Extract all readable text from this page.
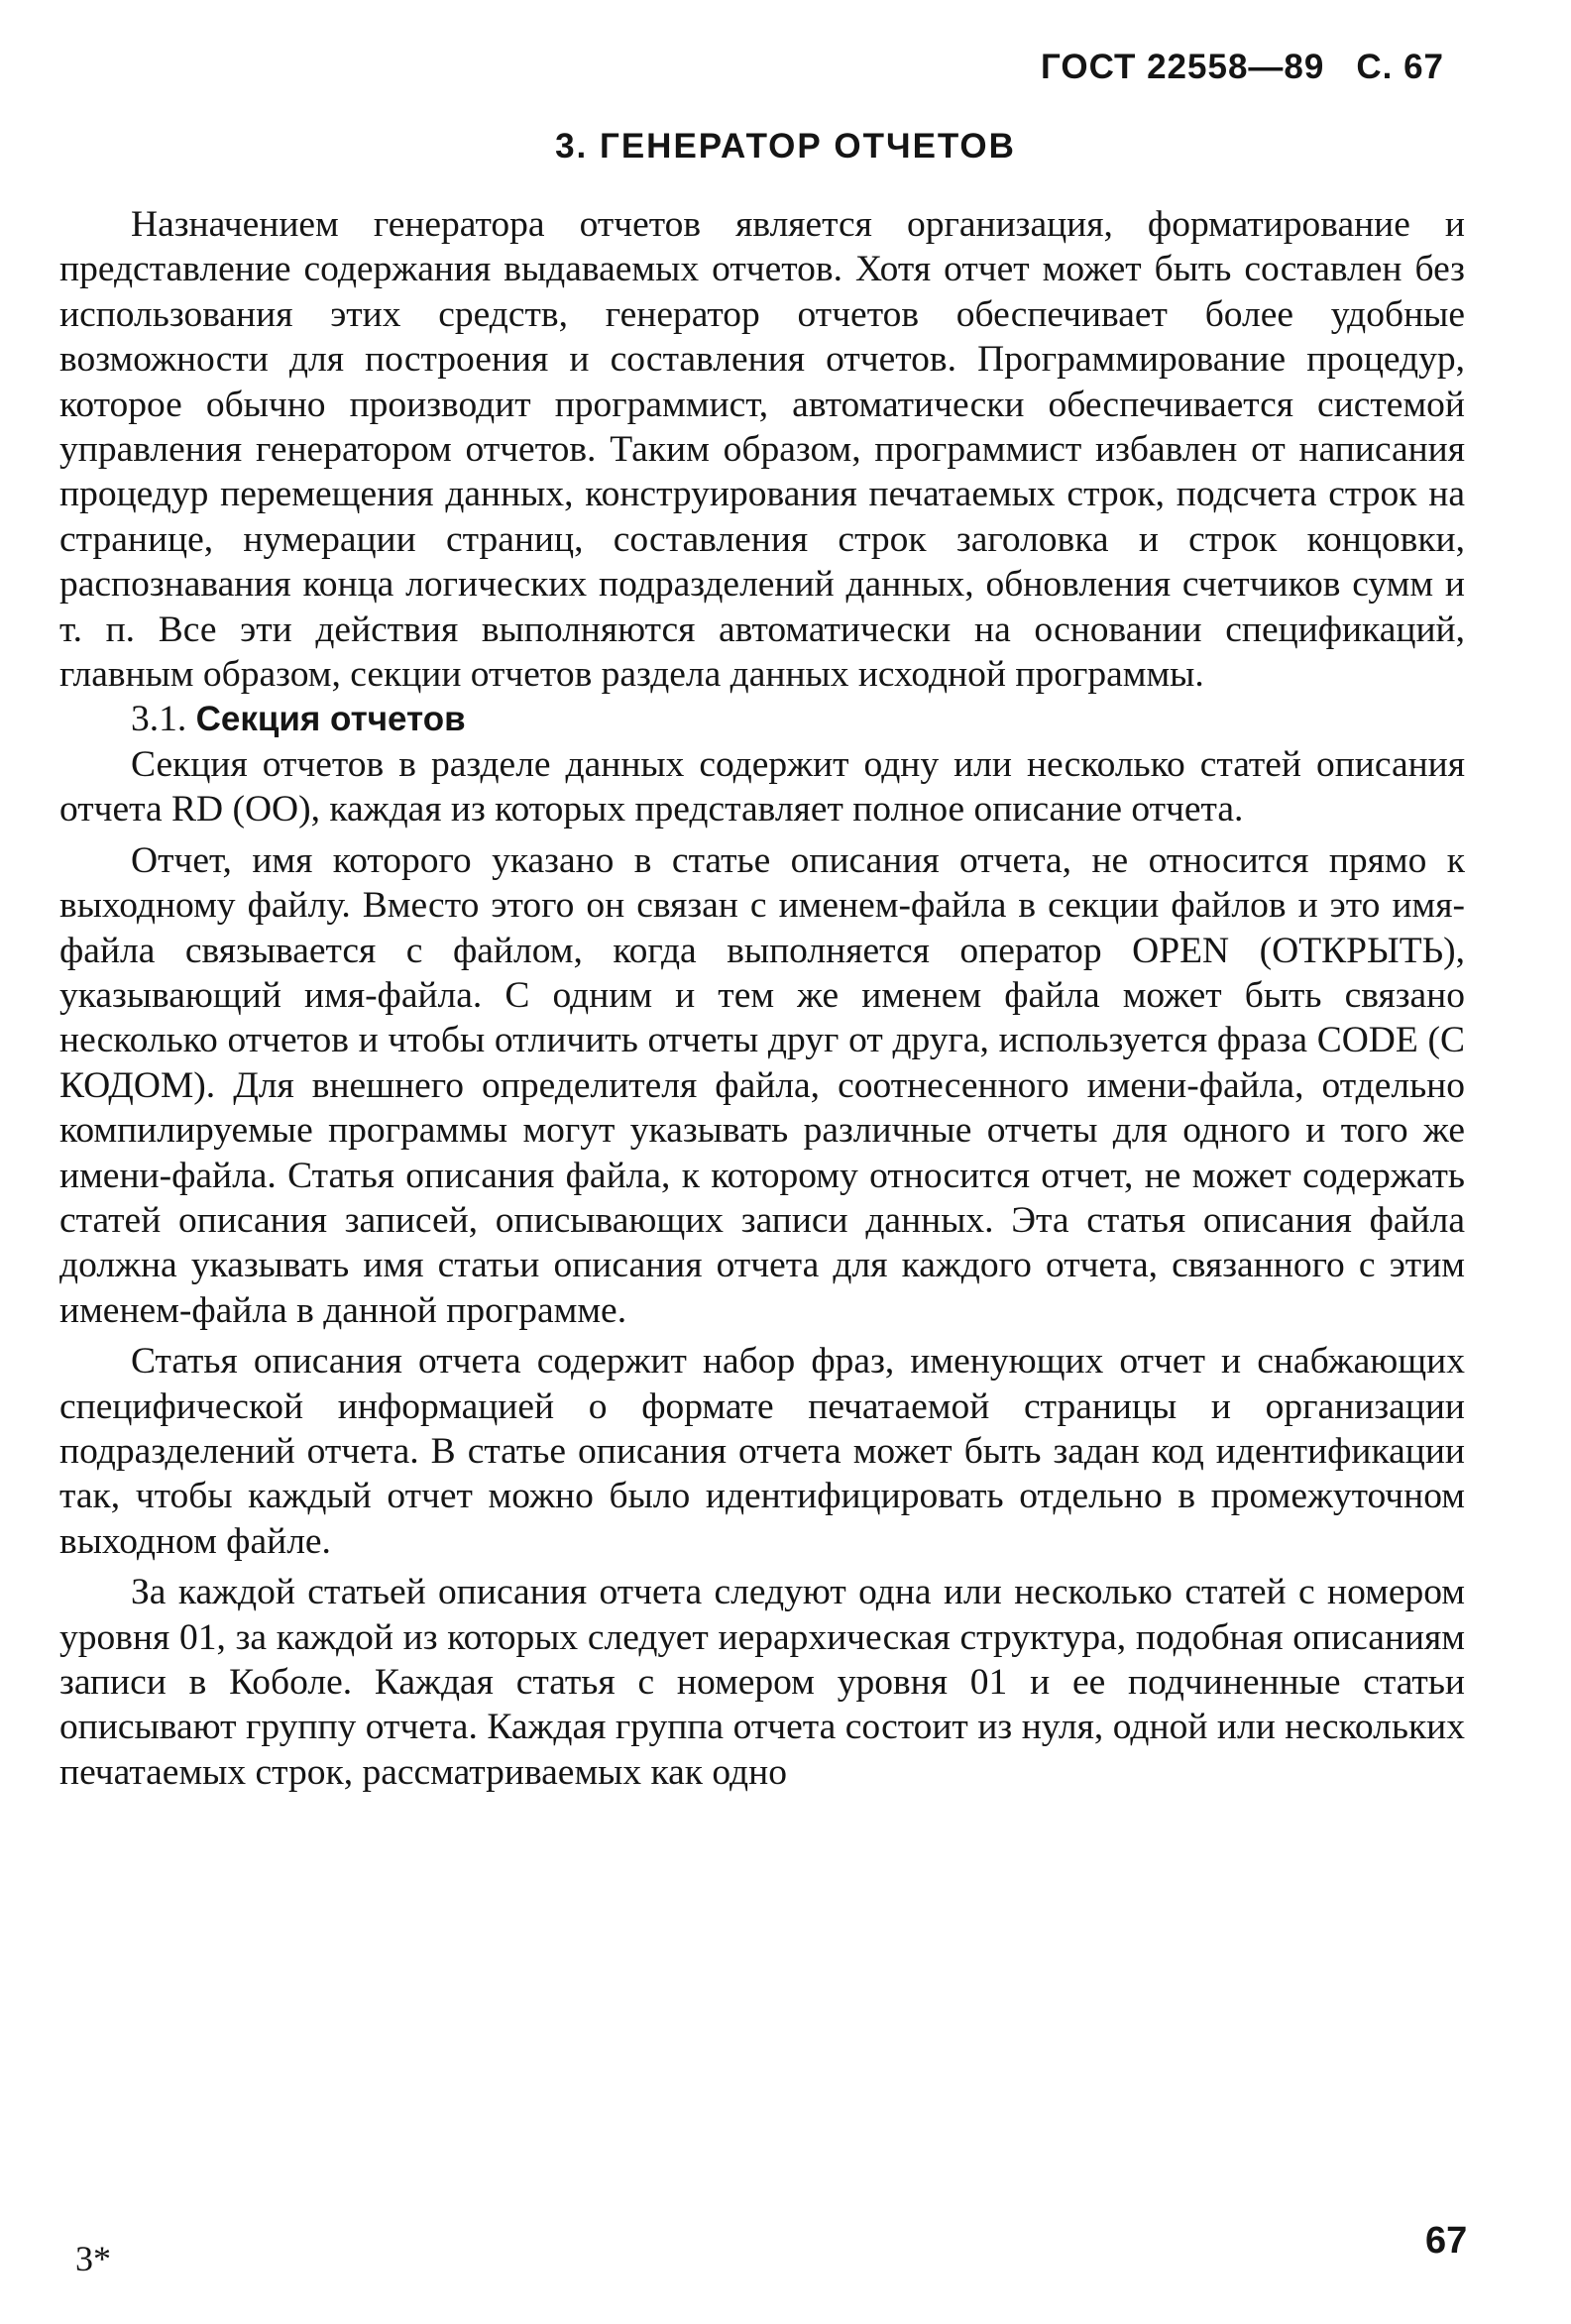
ГОСТ 22558—89 С. 67
3. ГЕНЕРАТОР ОТЧЕТОВ

Назначением генератора отчетов является организация, форматирование и представление содержания выдаваемых отчетов. Хотя отчет может быть составлен без использования этих средств, генератор отчетов обеспечивает более удобные возможности для построения и составления отчетов. Программирование процедур, которое обычно производит программист, автоматически обеспечивается системой управления генератором отчетов. Таким образом, программист избавлен от написания процедур перемещения данных, конструирования печатаемых строк, подсчета строк на странице, нумерации страниц, составления строк заголовка и строк концовки, распознавания конца логических подразделений данных, обновления счетчиков сумм и т. п. Все эти действия выполняются автоматически на основании спецификаций, главным образом, секции отчетов раздела данных исходной программы.

3.1. Секция отчетов

Секция отчетов в разделе данных содержит одну или несколько статей описания отчета RD (ОО), каждая из которых представляет полное описание отчета.

Отчет, имя которого указано в статье описания отчета, не относится прямо к выходному файлу. Вместо этого он связан с именем-файла в секции файлов и это имя-файла связывается с файлом, когда выполняется оператор OPEN (ОТКРЫТЬ), указывающий имя-файла. С одним и тем же именем файла может быть связано несколько отчетов и чтобы отличить отчеты друг от друга, используется фраза CODE (С КОДОМ). Для внешнего определителя файла, соотнесенного имени-файла, отдельно компилируемые программы могут указывать различные отчеты для одного и того же имени-файла. Статья описания файла, к которому относится отчет, не может содержать статей описания записей, описывающих записи данных. Эта статья описания файла должна указывать имя статьи описания отчета для каждого отчета, связанного с этим именем-файла в данной программе.

Статья описания отчета содержит набор фраз, именующих отчет и снабжающих специфической информацией о формате печатаемой страницы и организации подразделений отчета. В статье описания отчета может быть задан код идентификации так, чтобы каждый отчет можно было идентифицировать отдельно в промежуточном выходном файле.

За каждой статьей описания отчета следуют одна или несколько статей с номером уровня 01, за каждой из которых следует иерархическая структура, подобная описаниям записи в Коболе. Каждая статья с номером уровня 01 и ее подчиненные статьи описывают группу отчета. Каждая группа отчета состоит из нуля, одной или нескольких печатаемых строк, рассматриваемых как одно

3*	67
